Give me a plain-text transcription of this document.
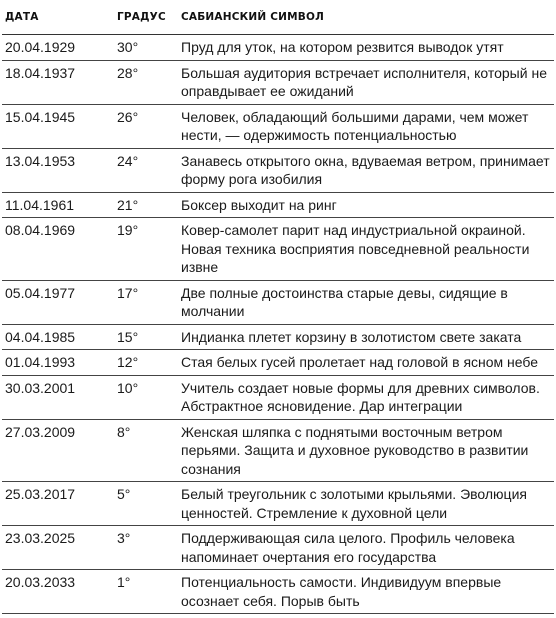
ДАТА	ГРАДУС	САБИАНСКИЙ СИМВОЛ
20.04.1929	30°	Пруд для уток, на котором резвится выводок утят
18.04.1937	28°	Большая аудитория встречает исполнителя, который не оправдывает ее ожиданий
15.04.1945	26°	Человек, обладающий большими дарами, чем может нести, — одержимость потенциальностью
13.04.1953	24°	Занавесь открытого окна, вдуваемая ветром, принимает форму рога изобилия
11.04.1961	21°	Боксер выходит на ринг
08.04.1969	19°	Ковер-самолет парит над индустриальной окраиной. Новая техника восприятия повседневной реальности извне
05.04.1977	17°	Две полные достоинства старые девы, сидящие в молчании
04.04.1985	15°	Индианка плетет корзину в золотистом свете заката
01.04.1993	12°	Стая белых гусей пролетает над головой в ясном небе
30.03.2001	10°	Учитель создает новые формы для древних символов. Абстрактное ясновидение. Дар интеграции
27.03.2009	8°	Женская шляпка с поднятыми восточным ветром перьями. Защита и духовное руководство в развитии сознания
25.03.2017	5°	Белый треугольник с золотыми крыльями. Эволюция ценностей. Стремление к духовной цели
23.03.2025	3°	Поддерживающая сила целого. Профиль человека напоминает очертания его государства
20.03.2033	1°	Потенциальность самости. Индивидуум впервые осознает себя. Порыв быть
